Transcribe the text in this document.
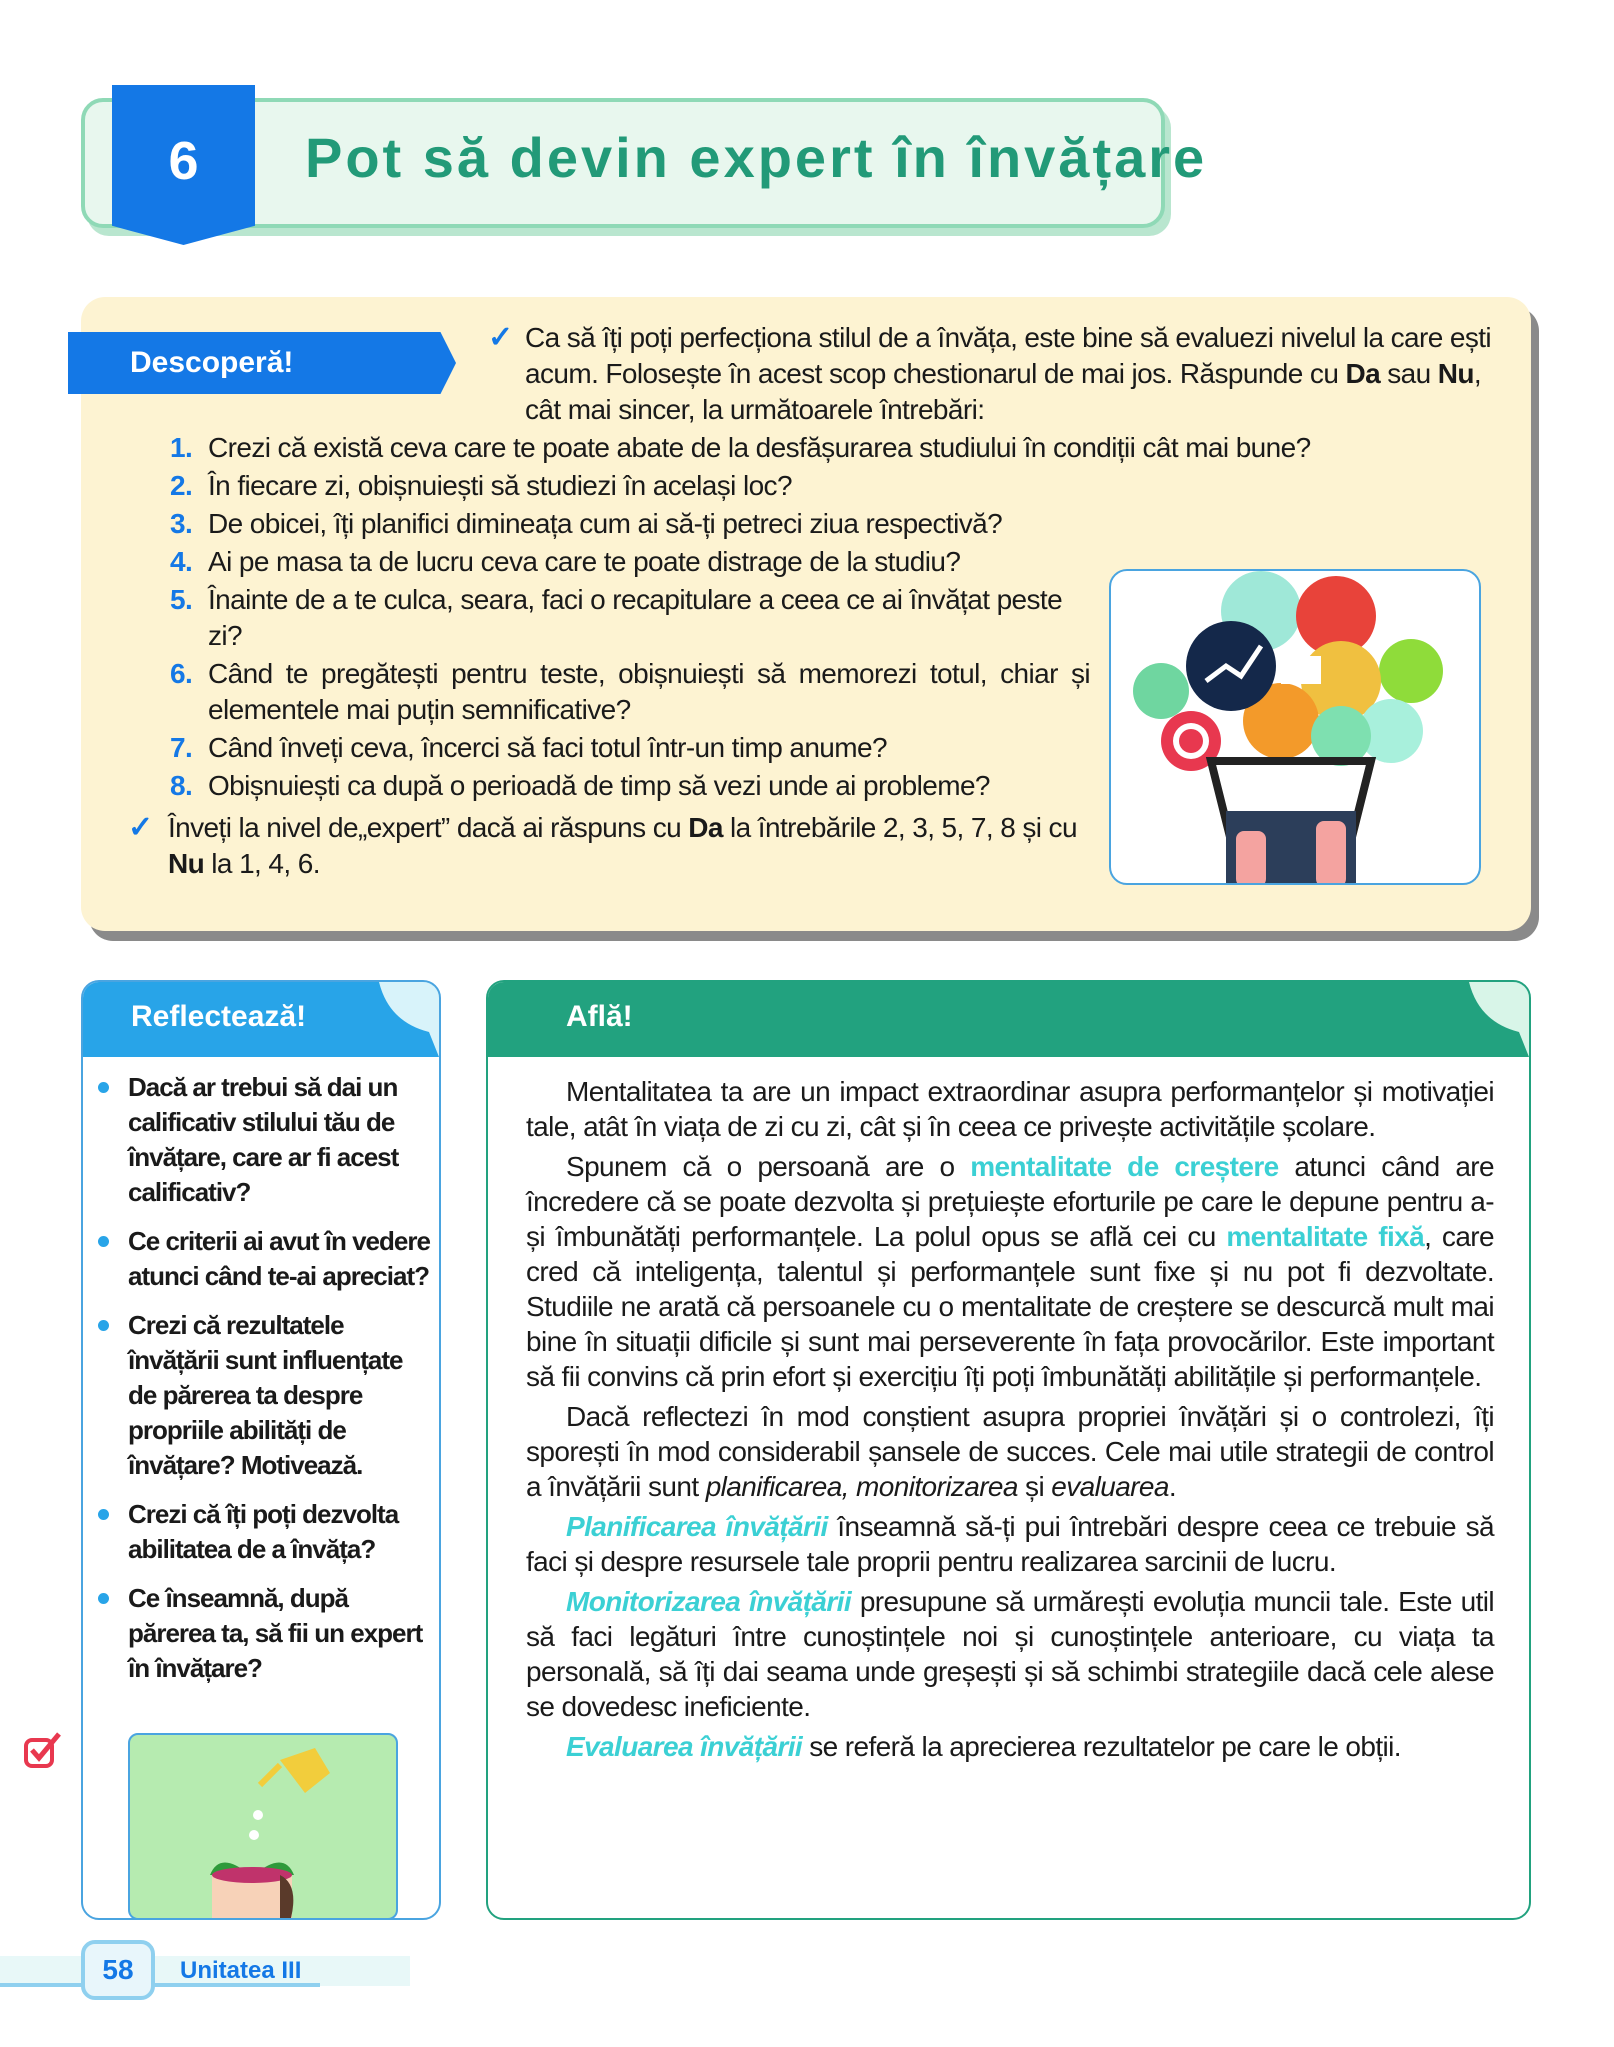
6	Pot să devin expert în învățare
Descoperă!
✓ Ca să îți poți perfecționa stilul de a învăța, este bine să evaluezi nivelul la care ești acum. Folosește în acest scop chestionarul de mai jos. Răspunde cu Da sau Nu, cât mai sincer, la următoarele întrebări:
1. Crezi că există ceva care te poate abate de la desfășurarea studiului în condiții cât mai bune?
2. În fiecare zi, obișnuiești să studiezi în același loc?
3. De obicei, îți planifici dimineața cum ai să-ți petreci ziua respectivă?
4. Ai pe masa ta de lucru ceva care te poate distrage de la studiu?
5. Înainte de a te culca, seara, faci o recapitulare a ceea ce ai învățat peste zi?
6. Când te pregătești pentru teste, obișnuiești să memorezi totul, chiar și elementele mai puțin semnificative?
7. Când înveți ceva, încerci să faci totul într-un timp anume?
8. Obișnuiești ca după o perioadă de timp să vezi unde ai probleme?
✓ Înveți la nivel de„expert” dacă ai răspuns cu Da la întrebările 2, 3, 5, 7, 8 și cu Nu la 1, 4, 6.
Reflectează!
Dacă ar trebui să dai un calificativ stilului tău de învățare, care ar fi acest calificativ?
Ce criterii ai avut în vedere atunci când te-ai apreciat?
Crezi că rezultatele învățării sunt influențate de părerea ta despre propriile abilități de învățare? Motivează.
Crezi că îți poți dezvolta abilitatea de a învăța?
Ce înseamnă, după părerea ta, să fii un expert în învățare?
Află!

Mentalitatea ta are un impact extraordinar asupra performanțelor și motivației tale, atât în viața de zi cu zi, cât și în ceea ce privește activitățile școlare.

Spunem că o persoană are o mentalitate de creștere atunci când are încredere că se poate dezvolta și prețuiește eforturile pe care le depune pentru a-și îmbunătăți performanțele. La polul opus se află cei cu mentalitate fixă, care cred că inteligența, talentul și performanțele sunt fixe și nu pot fi dezvoltate. Studiile ne arată că persoanele cu o mentalitate de creștere se descurcă mult mai bine în situații dificile și sunt mai perseverente în fața provocărilor. Este important să fii convins că prin efort și exercițiu îți poți îmbunătăți abilitățile și performanțele.

Dacă reflectezi în mod conștient asupra propriei învățări și o controlezi, îți sporești în mod considerabil șansele de succes. Cele mai utile strategii de control a învățării sunt planificarea, monitorizarea și evaluarea.

Planificarea învățării înseamnă să-ți pui întrebări despre ceea ce trebuie să faci și despre resursele tale proprii pentru realizarea sarcinii de lucru.

Monitorizarea învățării presupune să urmărești evoluția muncii tale. Este util să faci legături între cunoștințele noi și cunoștințele anterioare, cu viața ta personală, să îți dai seama unde greșești și să schimbi strategiile dacă cele alese se dovedesc ineficiente.

Evaluarea învățării se referă la aprecierea rezultatelor pe care le obții.

58	Unitatea III
